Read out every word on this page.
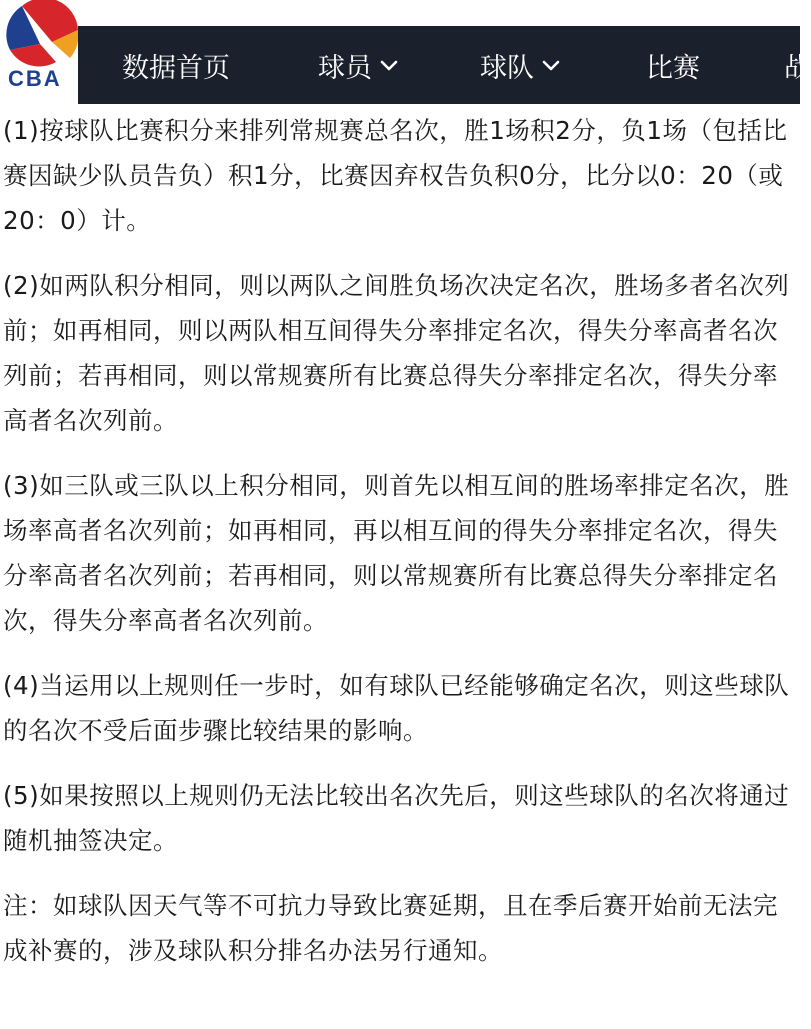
CBA 数据首页	球员	球队	比赛	战

(1)按球队比赛积分来排列常规赛总名次，胜1场积2分，负1场（包括比赛因缺少队员告负）积1分，比赛因弃权告负积0分，比分以0：20（或20：0）计。

(2)如两队积分相同，则以两队之间胜负场次决定名次，胜场多者名次列前；如再相同，则以两队相互间得失分率排定名次，得失分率高者名次列前；若再相同，则以常规赛所有比赛总得失分率排定名次，得失分率高者名次列前。

(3)如三队或三队以上积分相同，则首先以相互间的胜场率排定名次，胜场率高者名次列前；如再相同，再以相互间的得失分率排定名次，得失分率高者名次列前；若再相同，则以常规赛所有比赛总得失分率排定名次，得失分率高者名次列前。

(4)当运用以上规则任一步时，如有球队已经能够确定名次，则这些球队的名次不受后面步骤比较结果的影响。

(5)如果按照以上规则仍无法比较出名次先后，则这些球队的名次将通过随机抽签决定。

注：如球队因天气等不可抗力导致比赛延期，且在季后赛开始前无法完成补赛的，涉及球队积分排名办法另行通知。
